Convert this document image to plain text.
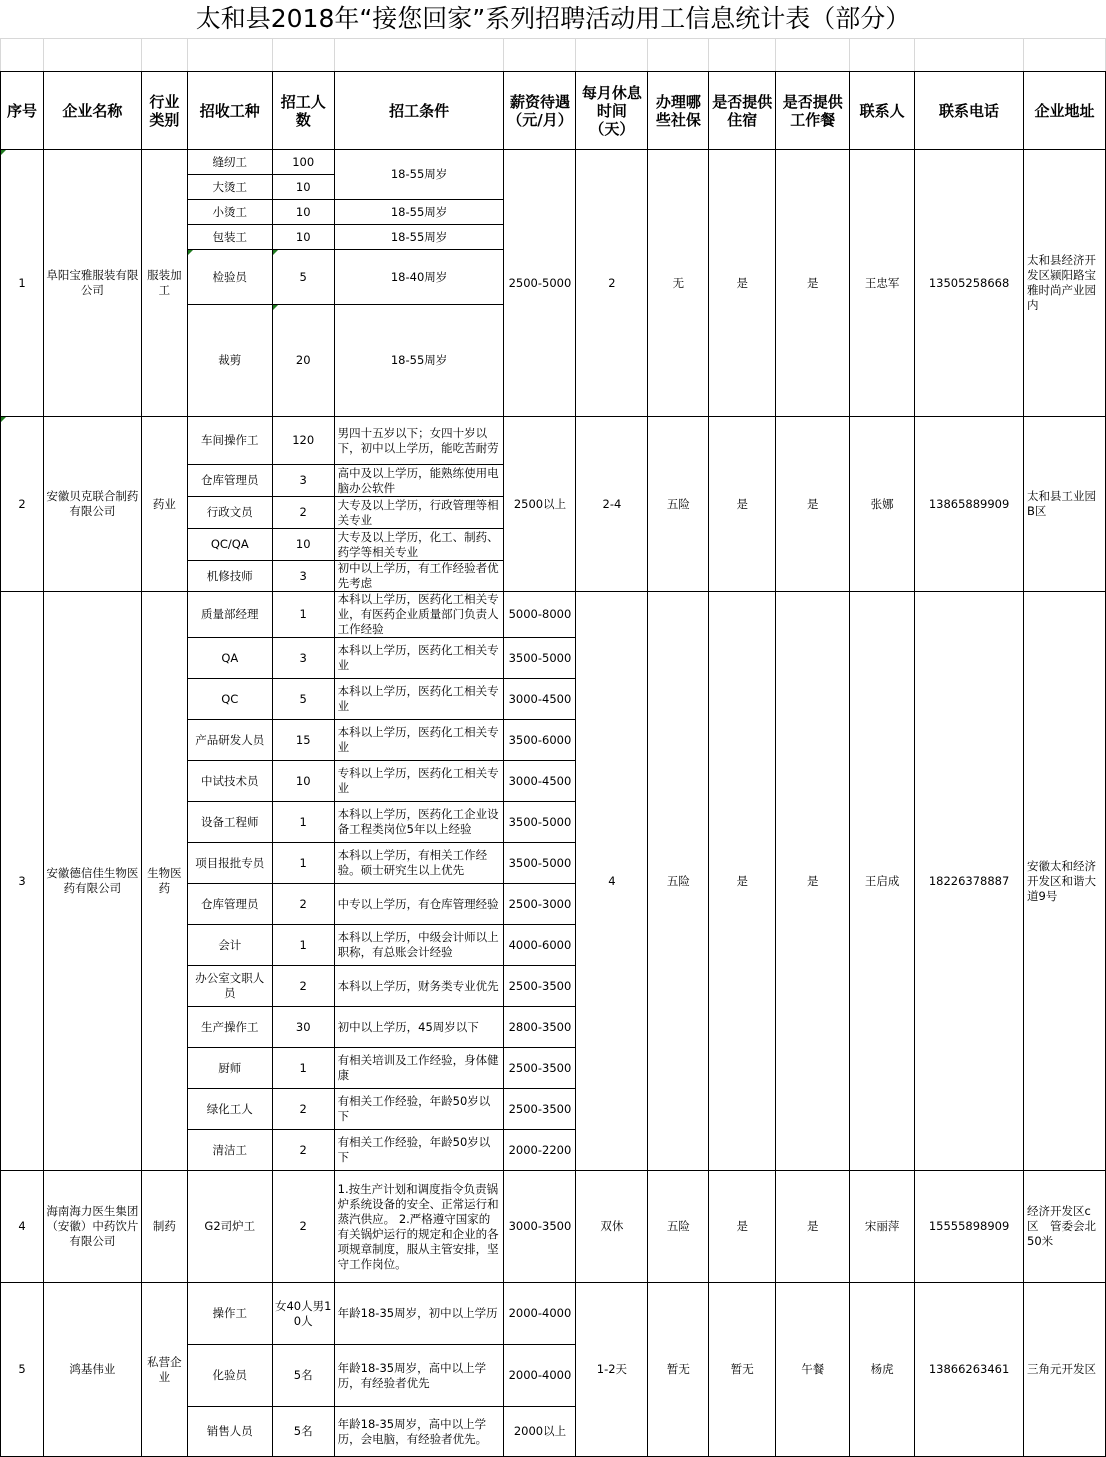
太和县2018年“接您回家”系列招聘活动用工信息统计表（部分）

序号	企业名称	行业类别	招收工种	招工人数	招工条件	薪资待遇（元/月）	每月休息时间（天）	办理哪些社保	是否提供住宿	是否提供工作餐	联系人	联系电话	企业地址
1	阜阳宝雅服装有限公司	服装加工	缝纫工	100	18-55周岁	2500-5000	2	无	是	是	王忠军	13505258668	太和县经济开发区颍阳路宝雅时尚产业园内
			大烫工	10									
			小烫工	10	18-55周岁								
			包装工	10	18-55周岁								
			检验员	5	18-40周岁								
			裁剪	20	18-55周岁								
2	安徽贝克联合制药有限公司	药业	车间操作工	120	男四十五岁以下；女四十岁以下，初中以上学历，能吃苦耐劳	2500以上	2-4	五险	是	是	张娜	13865889909	太和县工业园B区
			仓库管理员	3	高中及以上学历，能熟练使用电脑办公软件								
			行政文员	2	大专及以上学历，行政管理等相关专业								
			QC/QA	10	大专及以上学历，化工、制药、药学等相关专业								
			机修技师	3	初中以上学历，有工作经验者优先考虑								
3	安徽德信佳生物医药有限公司	生物医药	质量部经理	1	本科以上学历，医药化工相关专业，有医药企业质量部门负责人工作经验	5000-8000	4	五险	是	是	王启成	18226378887	安徽太和经济开发区和谐大道9号
			QA	3	本科以上学历，医药化工相关专业	3500-5000							
			QC	5	本科以上学历，医药化工相关专业	3000-4500							
			产品研发人员	15	本科以上学历，医药化工相关专业	3500-6000							
			中试技术员	10	专科以上学历，医药化工相关专业	3000-4500							
			设备工程师	1	本科以上学历，医药化工企业设备工程类岗位5年以上经验	3500-5000							
			项目报批专员	1	本科以上学历，有相关工作经验。硕士研究生以上优先	3500-5000							
			仓库管理员	2	中专以上学历，有仓库管理经验	2500-3000							
			会计	1	本科以上学历，中级会计师以上职称，有总账会计经验	4000-6000							
			办公室文职人员	2	本科以上学历，财务类专业优先	2500-3500							
			生产操作工	30	初中以上学历，45周岁以下	2800-3500							
			厨师	1	有相关培训及工作经验，身体健康	2500-3500							
			绿化工人	2	有相关工作经验，年龄50岁以下	2500-3500							
			清洁工	2	有相关工作经验，年龄50岁以下	2000-2200							
4	海南海力医生集团（安徽）中药饮片有限公司	制药	G2司炉工	2	1.按生产计划和调度指令负责锅炉系统设备的安全、正常运行和蒸汽供应。 2.严格遵守国家的有关锅炉运行的规定和企业的各项规章制度，服从主管安排，坚守工作岗位。	3000-3500	双休	五险	是	是	宋丽萍	15555898909	经济开发区c区　管委会北50米
5	鸿基伟业	私营企业	操作工	女40人男10人	年龄18-35周岁，初中以上学历	2000-4000	1-2天	暂无	暂无	午餐	杨虎	13866263461	三角元开发区
			化验员	5名	年龄18-35周岁，高中以上学历，有经验者优先	2000-4000							
			销售人员	5名	年龄18-35周岁，高中以上学历，会电脑，有经验者优先。	2000以上							
